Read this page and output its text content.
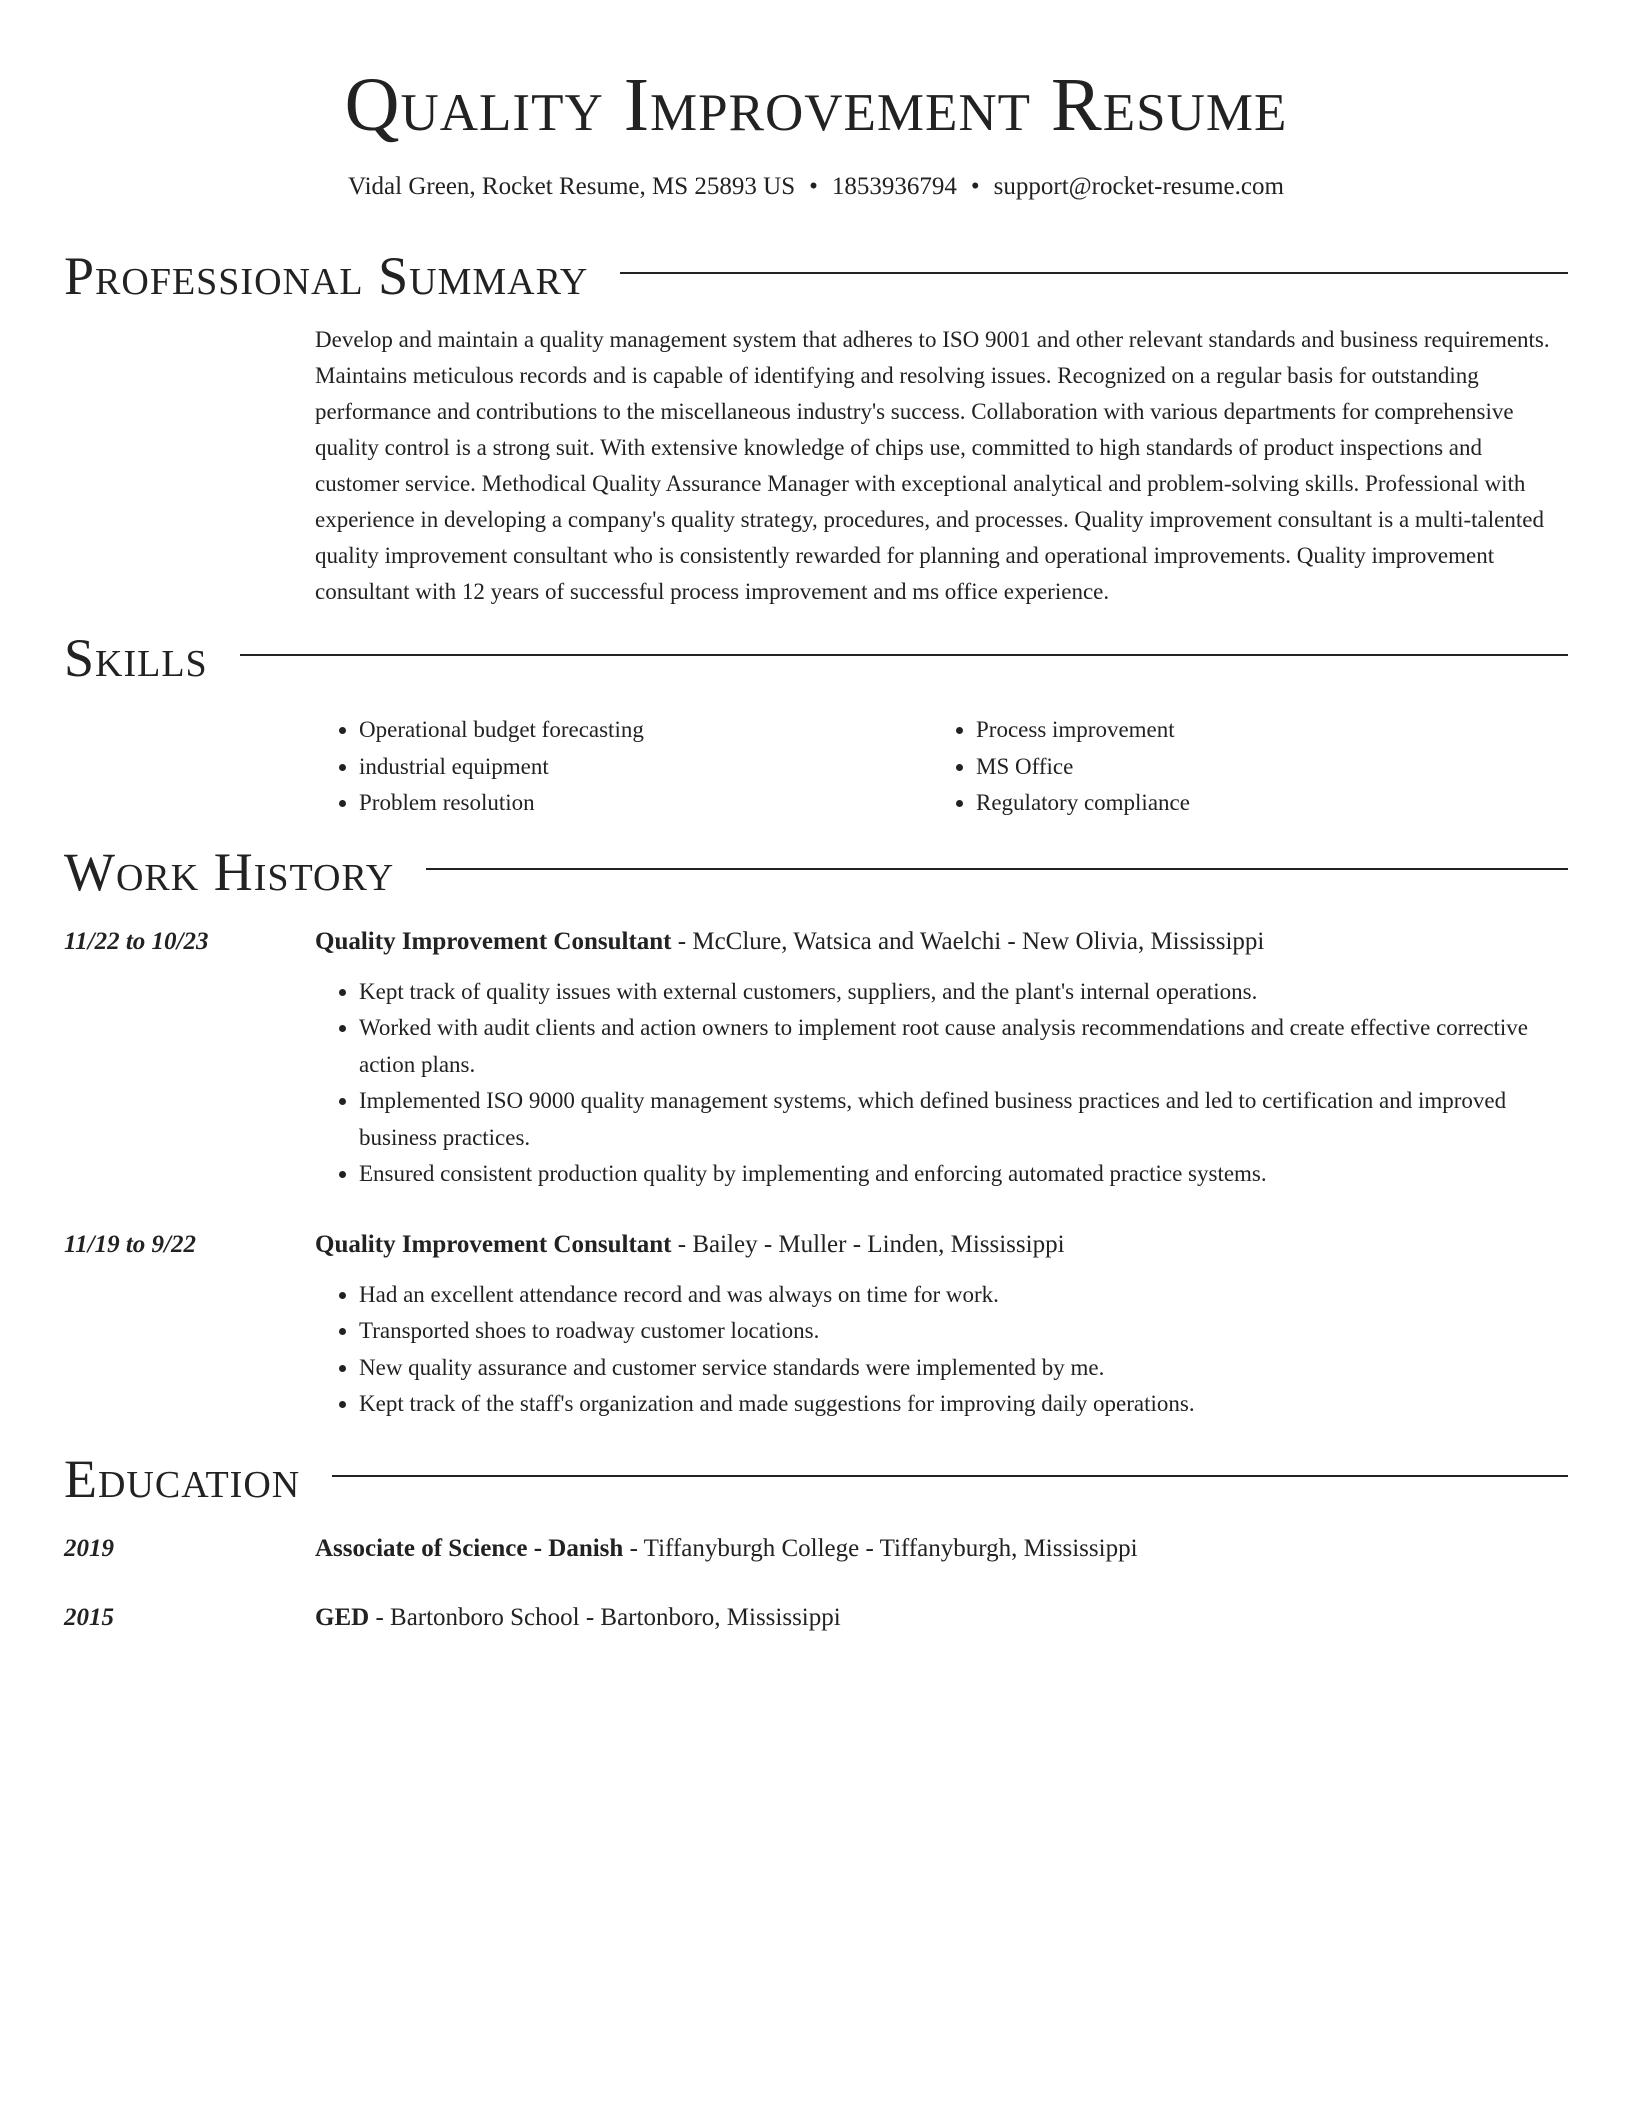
Quality Improvement Resume
Vidal Green, Rocket Resume, MS 25893 US • 1853936794 • support@rocket-resume.com
Professional Summary
Develop and maintain a quality management system that adheres to ISO 9001 and other relevant standards and business requirements. Maintains meticulous records and is capable of identifying and resolving issues. Recognized on a regular basis for outstanding performance and contributions to the miscellaneous industry's success. Collaboration with various departments for comprehensive quality control is a strong suit. With extensive knowledge of chips use, committed to high standards of product inspections and customer service. Methodical Quality Assurance Manager with exceptional analytical and problem-solving skills. Professional with experience in developing a company's quality strategy, procedures, and processes. Quality improvement consultant is a multi-talented quality improvement consultant who is consistently rewarded for planning and operational improvements. Quality improvement consultant with 12 years of successful process improvement and ms office experience.
Skills
• Operational budget forecasting
• industrial equipment
• Problem resolution
• Process improvement
• MS Office
• Regulatory compliance
Work History
11/22 to 10/23	Quality Improvement Consultant - McClure, Watsica and Waelchi - New Olivia, Mississippi
• Kept track of quality issues with external customers, suppliers, and the plant's internal operations.
• Worked with audit clients and action owners to implement root cause analysis recommendations and create effective corrective action plans.
• Implemented ISO 9000 quality management systems, which defined business practices and led to certification and improved business practices.
• Ensured consistent production quality by implementing and enforcing automated practice systems.
11/19 to 9/22	Quality Improvement Consultant - Bailey - Muller - Linden, Mississippi
• Had an excellent attendance record and was always on time for work.
• Transported shoes to roadway customer locations.
• New quality assurance and customer service standards were implemented by me.
• Kept track of the staff's organization and made suggestions for improving daily operations.
Education
2019	Associate of Science - Danish - Tiffanyburgh College - Tiffanyburgh, Mississippi
2015	GED - Bartonboro School - Bartonboro, Mississippi
